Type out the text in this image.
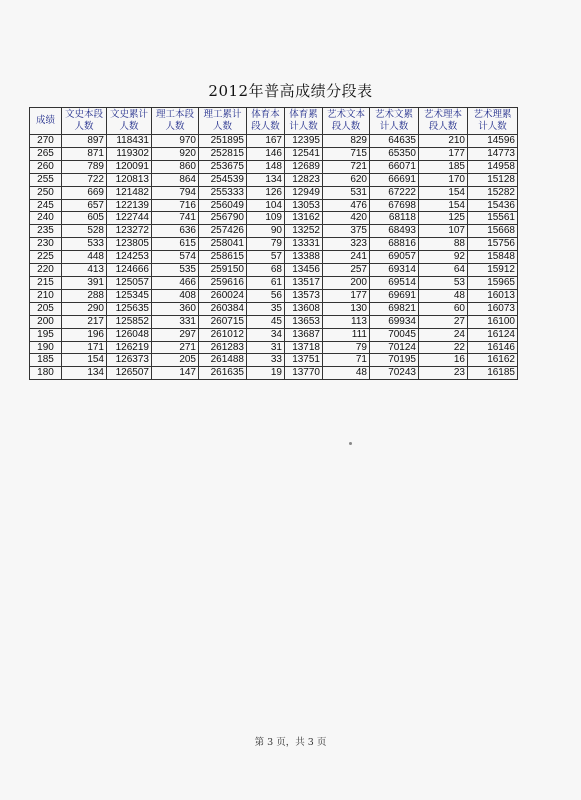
2012年普高成绩分段表
成绩	文史本段人数	文史累计人数	理工本段人数	理工累计人数	体育本段人数	体育累计人数	艺术文本段人数	艺术文累计人数	艺术理本段人数	艺术理累计人数
270	897	118431	970	251895	167	12395	829	64635	210	14596
265	871	119302	920	252815	146	12541	715	65350	177	14773
260	789	120091	860	253675	148	12689	721	66071	185	14958
255	722	120813	864	254539	134	12823	620	66691	170	15128
250	669	121482	794	255333	126	12949	531	67222	154	15282
245	657	122139	716	256049	104	13053	476	67698	154	15436
240	605	122744	741	256790	109	13162	420	68118	125	15561
235	528	123272	636	257426	90	13252	375	68493	107	15668
230	533	123805	615	258041	79	13331	323	68816	88	15756
225	448	124253	574	258615	57	13388	241	69057	92	15848
220	413	124666	535	259150	68	13456	257	69314	64	15912
215	391	125057	466	259616	61	13517	200	69514	53	15965
210	288	125345	408	260024	56	13573	177	69691	48	16013
205	290	125635	360	260384	35	13608	130	69821	60	16073
200	217	125852	331	260715	45	13653	113	69934	27	16100
195	196	126048	297	261012	34	13687	111	70045	24	16124
190	171	126219	271	261283	31	13718	79	70124	22	16146
185	154	126373	205	261488	33	13751	71	70195	16	16162
180	134	126507	147	261635	19	13770	48	70243	23	16185
第 3 页，共 3 页
